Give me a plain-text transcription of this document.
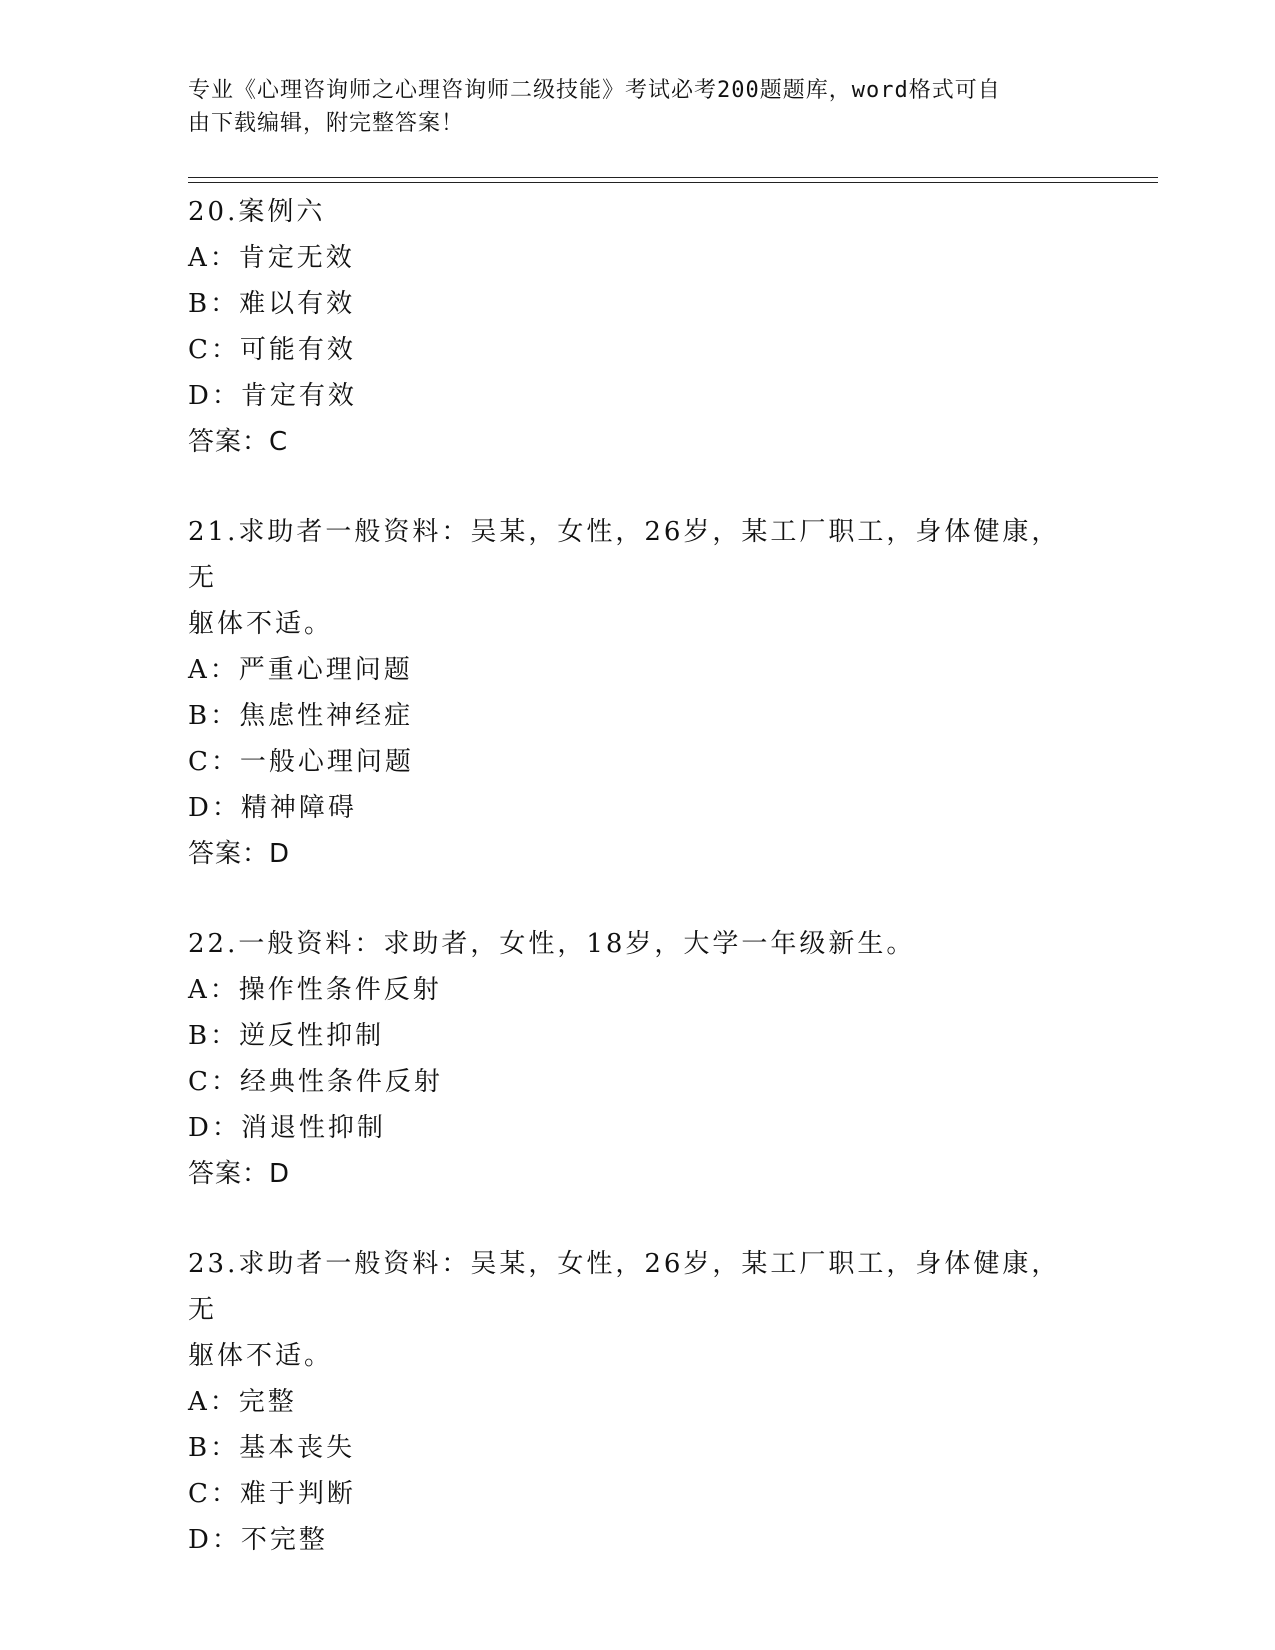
专业《心理咨询师之心理咨询师二级技能》考试必考200题题库，word格式可自
由下载编辑，附完整答案！

20.案例六

A：肯定无效

B：难以有效

C：可能有效

D：肯定有效

答案：C

21.求助者一般资料：吴某，女性，26岁，某工厂职工，身体健康，无

躯体不适。

A：严重心理问题

B：焦虑性神经症

C：一般心理问题

D：精神障碍

答案：D

22.一般资料：求助者，女性，18岁，大学一年级新生。

A：操作性条件反射

B：逆反性抑制

C：经典性条件反射

D：消退性抑制

答案：D

23.求助者一般资料：吴某，女性，26岁，某工厂职工，身体健康，无

躯体不适。

A：完整

B：基本丧失

C：难于判断

D：不完整
